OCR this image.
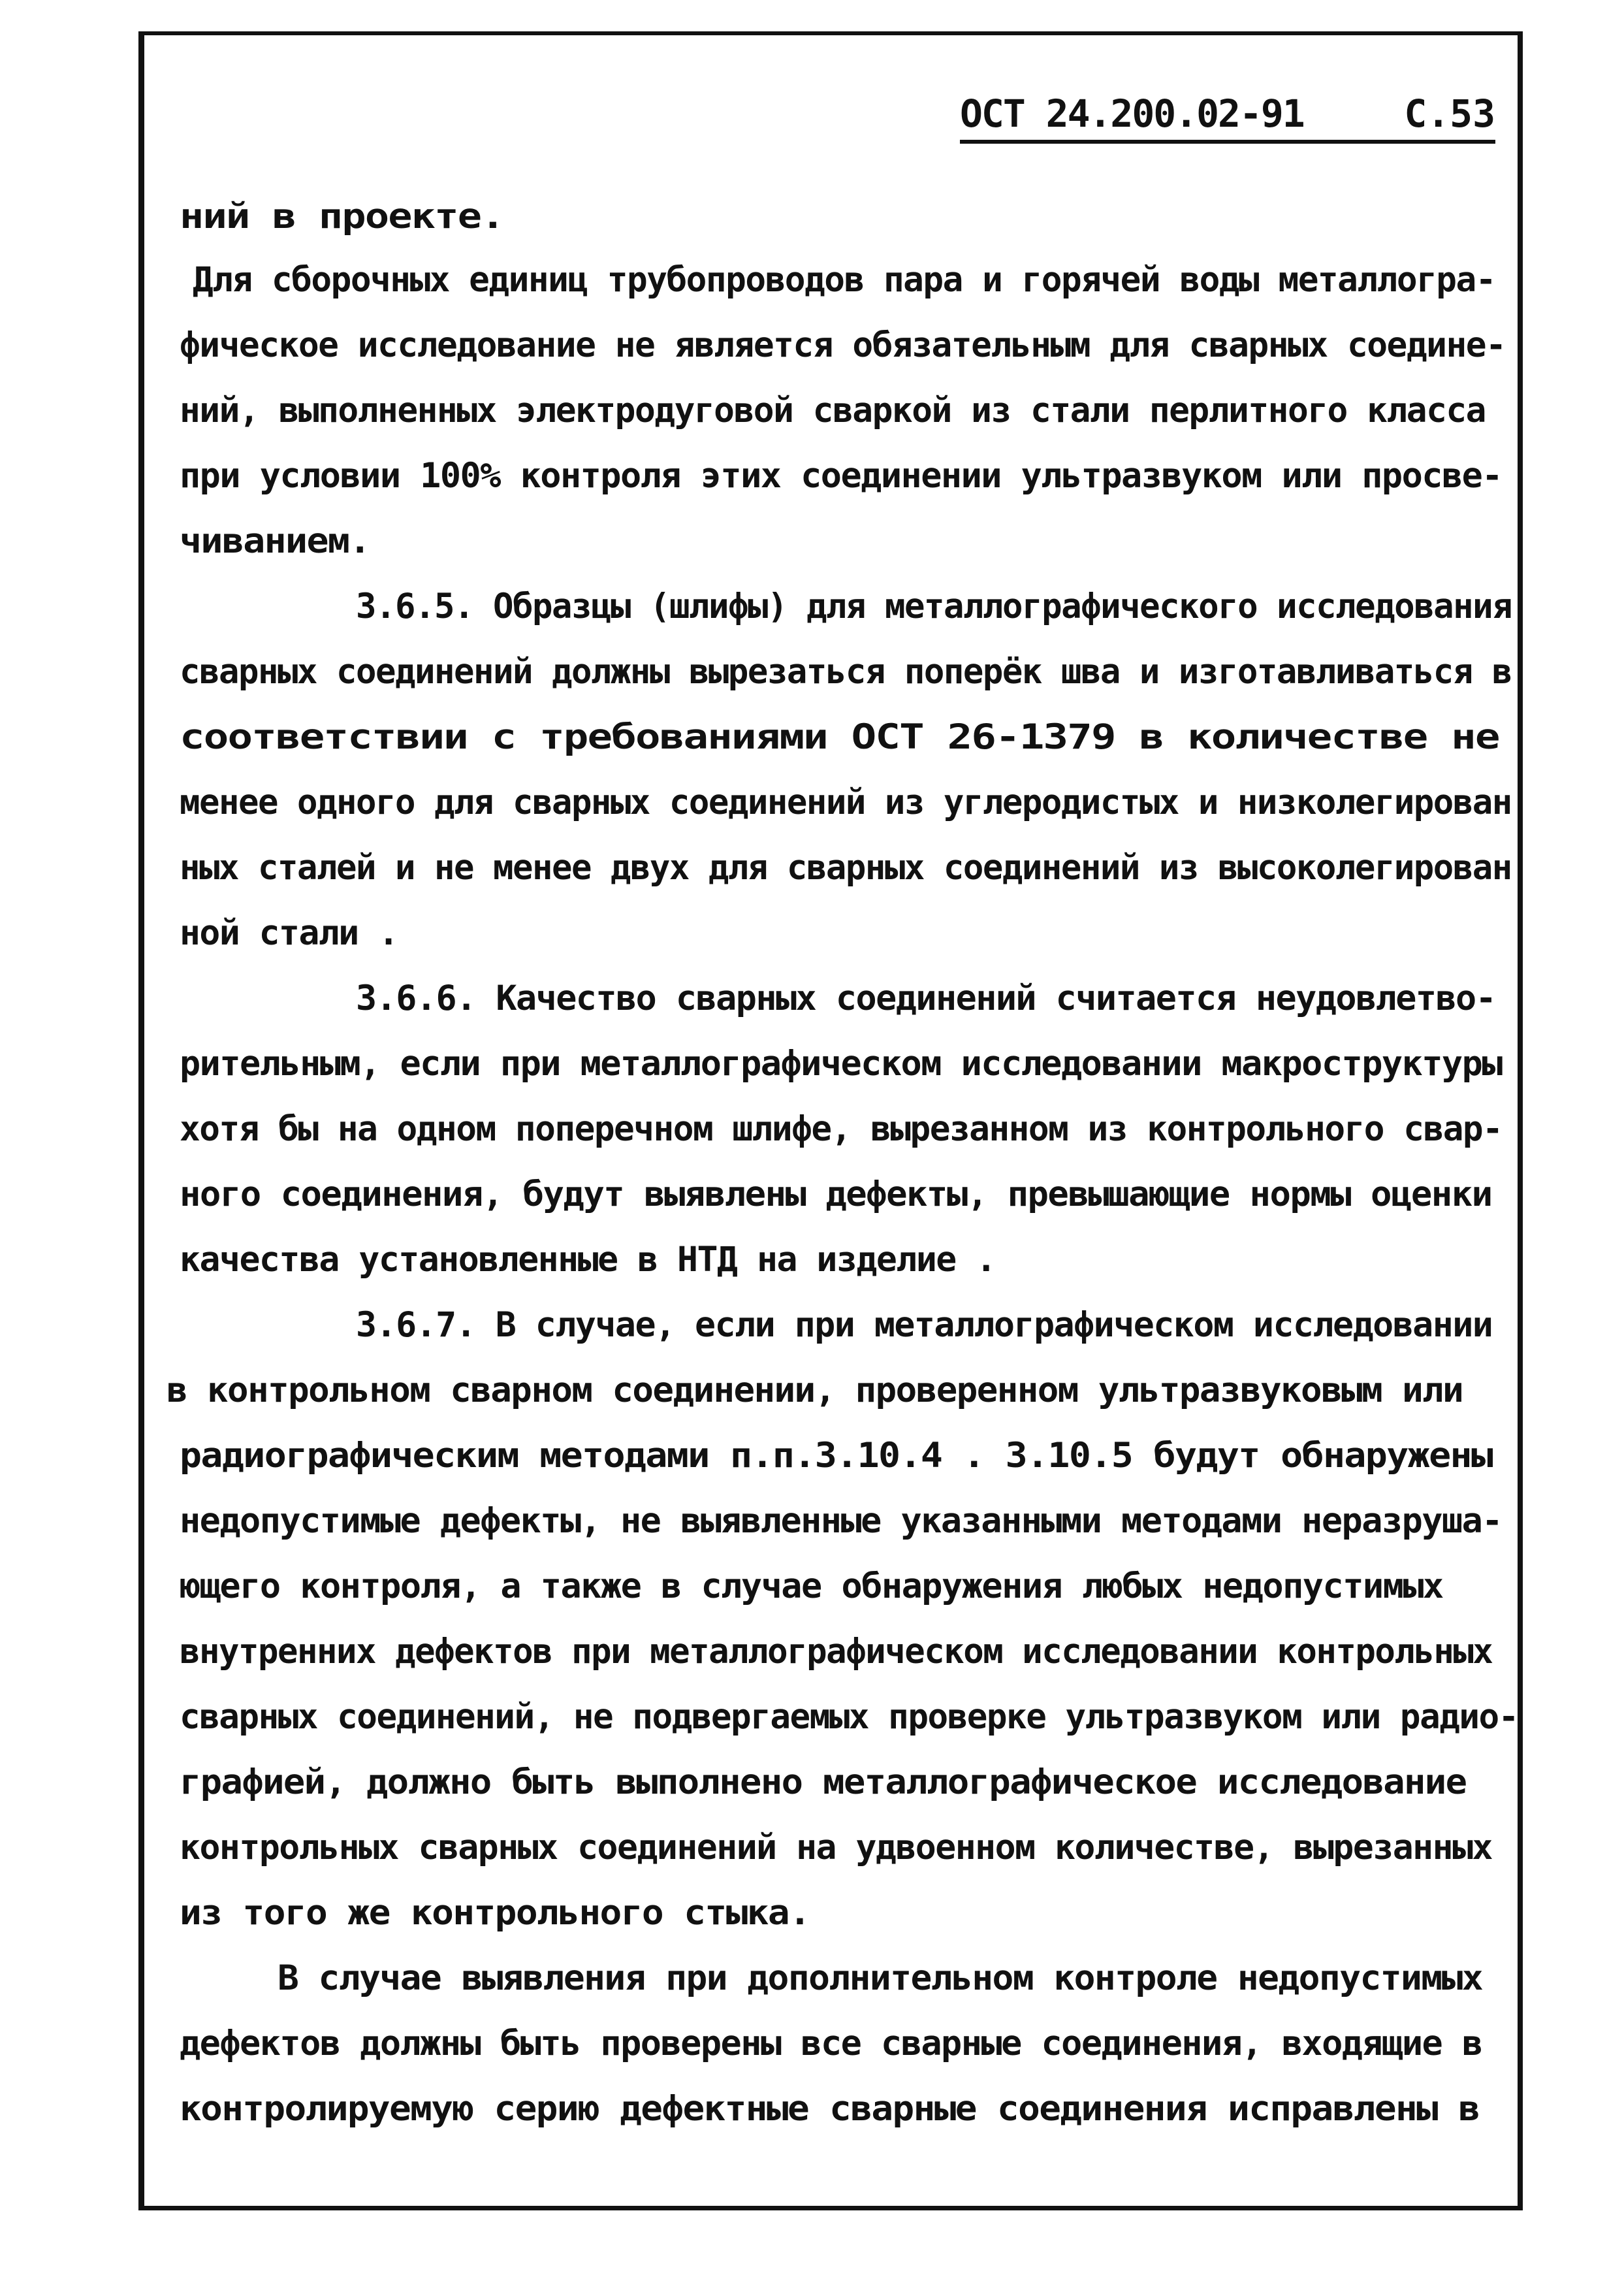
ОСТ 24.200.02-91	С.53
ний в проекте.
Для сборочных единиц трубопроводов пара и горячей воды металлогра-
фическое исследование не является обязательным для сварных соедине-
ний, выполненных электродуговой сваркой из стали перлитного класса
при условии 100% контроля этих соединении ультразвуком или просве-
чиванием.
3.6.5. Образцы (шлифы) для металлографического исследования
сварных соединений должны вырезаться поперёк шва и изготавливаться в
соответствии с требованиями ОСТ 26-1379 в количестве не
менее одного для сварных соединений из углеродистых и низколегирован
ных сталей и не менее двух для сварных соединений из высоколегирован
ной стали .
3.6.6. Качество сварных соединений считается неудовлетво-
рительным, если при металлографическом исследовании макроструктуры
хотя бы на одном поперечном шлифе, вырезанном из контрольного свар-
ного соединения, будут выявлены дефекты, превышающие нормы оценки
качества установленные в НТД на изделие .
3.6.7. В случае, если при металлографическом исследовании
в контрольном сварном соединении, проверенном ультразвуковым или
радиографическим методами п.п.3.10.4 . 3.10.5 будут обнаружены
недопустимые дефекты, не выявленные указанными методами неразруша-
ющего контроля, а также в случае обнаружения любых недопустимых
внутренних дефектов при металлографическом исследовании контрольных
сварных соединений, не подвергаемых проверке ультразвуком или радио-
графией, должно быть выполнено металлографическое исследование
контрольных сварных соединений на удвоенном количестве, вырезанных
из того же контрольного стыка.
В случае выявления при дополнительном контроле недопустимых
дефектов должны быть проверены все сварные соединения, входящие в
контролируемую серию дефектные сварные соединения исправлены в
